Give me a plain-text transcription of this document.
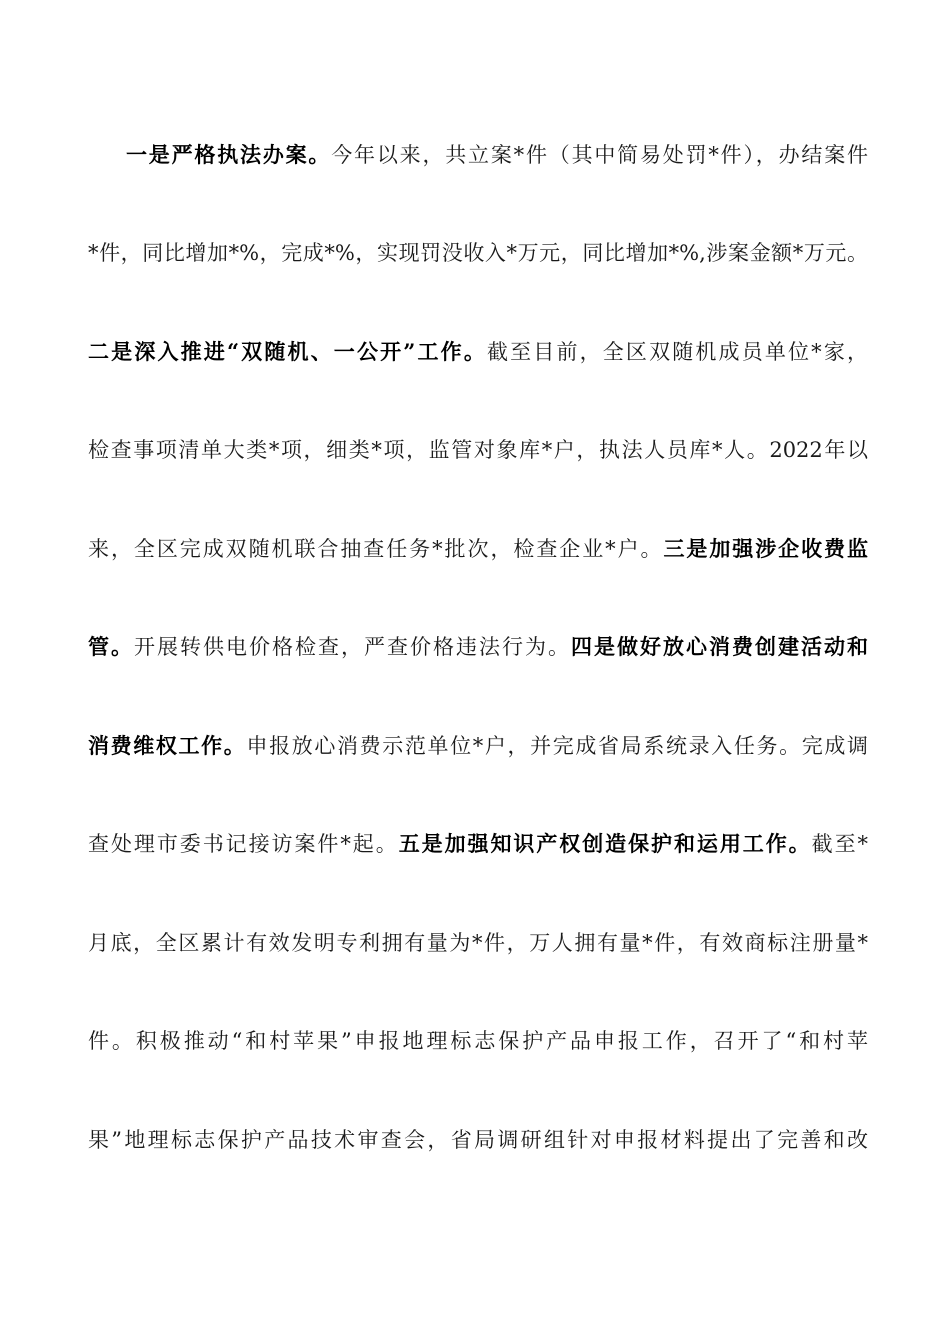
一是严格执法办案。今年以来，共立案*件（其中简易处罚*件），办结案件
*件，同比增加*%，完成*%，实现罚没收入*万元，同比增加*%,涉案金额*万元。
二是深入推进“双随机、一公开”工作。截至目前，全区双随机成员单位*家，
检查事项清单大类*项，细类*项，监管对象库*户，执法人员库*人。2022年以
来，全区完成双随机联合抽查任务*批次，检查企业*户。三是加强涉企收费监
管。开展转供电价格检查，严查价格违法行为。四是做好放心消费创建活动和
消费维权工作。申报放心消费示范单位*户，并完成省局系统录入任务。完成调
查处理市委书记接访案件*起。五是加强知识产权创造保护和运用工作。截至*
月底，全区累计有效发明专利拥有量为*件，万人拥有量*件，有效商标注册量*
件。积极推动“和村苹果”申报地理标志保护产品申报工作，召开了“和村苹
果”地理标志保护产品技术审查会，省局调研组针对申报材料提出了完善和改
